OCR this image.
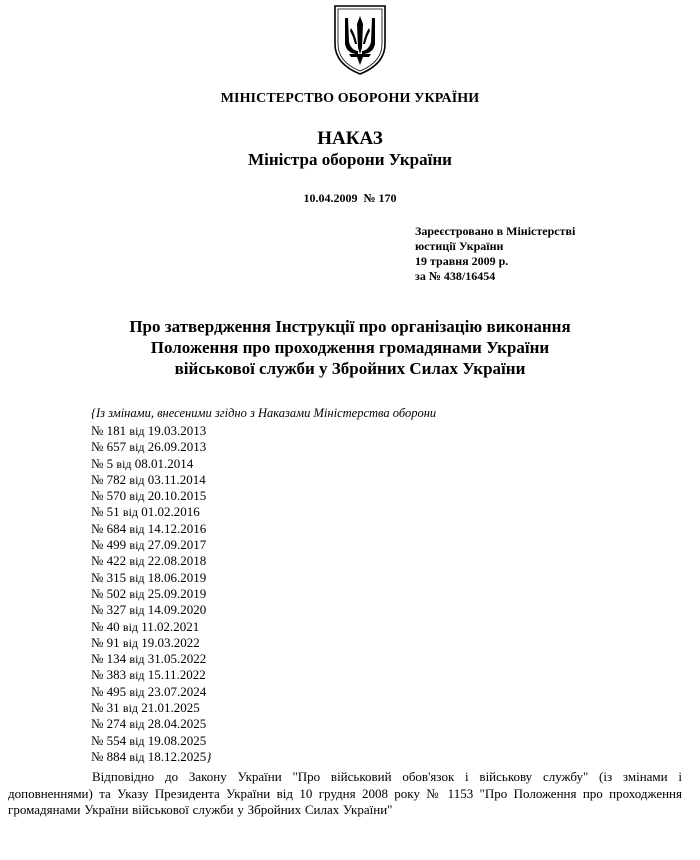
МІНІСТЕРСТВО ОБОРОНИ УКРАЇНИ
НАКАЗ
Міністра оборони України
10.04.2009  № 170
Зареєстровано в Міністерстві
юстиції України
19 травня 2009 р.
за № 438/16454
Про затвердження Інструкції про організацію виконання
Положення про проходження громадянами України
військової служби у Збройних Силах України
{Із змінами, внесеними згідно з Наказами Міністерства оборони
№ 181 від 19.03.2013
№ 657 від 26.09.2013
№ 5 від 08.01.2014
№ 782 від 03.11.2014
№ 570 від 20.10.2015
№ 51 від 01.02.2016
№ 684 від 14.12.2016
№ 499 від 27.09.2017
№ 422 від 22.08.2018
№ 315 від 18.06.2019
№ 502 від 25.09.2019
№ 327 від 14.09.2020
№ 40 від 11.02.2021
№ 91 від 19.03.2022
№ 134 від 31.05.2022
№ 383 від 15.11.2022
№ 495 від 23.07.2024
№ 31 від 21.01.2025
№ 274 від 28.04.2025
№ 554 від 19.08.2025
№ 884 від 18.12.2025}
Відповідно до Закону України "Про військовий обов'язок і військову службу" (із змінами і доповненнями) та Указу Президента України від 10 грудня 2008 року № 1153 "Про Положення про проходження громадянами України військової служби у Збройних Силах України"
